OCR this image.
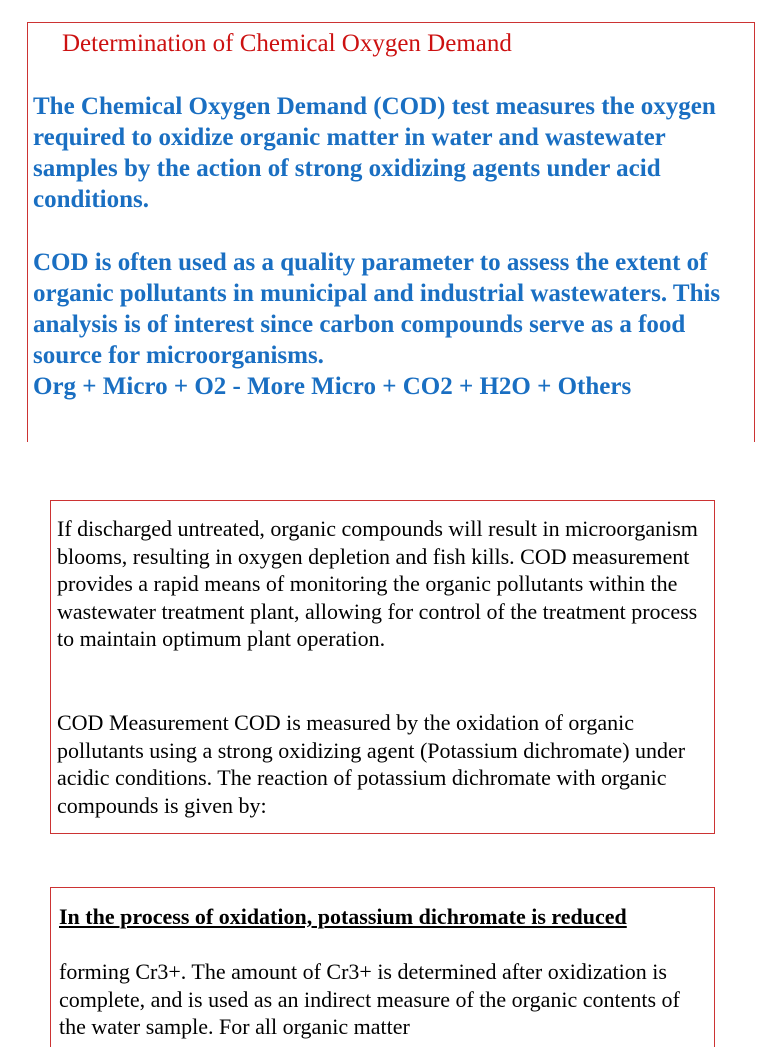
Determination of Chemical Oxygen Demand

The Chemical Oxygen Demand (COD) test measures the oxygen required to oxidize organic matter in water and wastewater samples by the action of strong oxidizing agents under acid conditions.

COD is often used as a quality parameter to assess the extent of organic pollutants in municipal and industrial wastewaters. This analysis is of interest since carbon compounds serve as a food source for microorganisms.
Org + Micro + O2 - More Micro + CO2 + H2O + Others

If discharged untreated, organic compounds will result in microorganism blooms, resulting in oxygen depletion and fish kills. COD measurement provides a rapid means of monitoring the organic pollutants within the wastewater treatment plant, allowing for control of the treatment process to maintain optimum plant operation.

COD Measurement COD is measured by the oxidation of organic pollutants using a strong oxidizing agent (Potassium dichromate) under acidic conditions. The reaction of potassium dichromate with organic compounds is given by:

In the process of oxidation, potassium dichromate is reduced

forming Cr3+. The amount of Cr3+ is determined after oxidization is complete, and is used as an indirect measure of the organic contents of the water sample. For all organic matter
